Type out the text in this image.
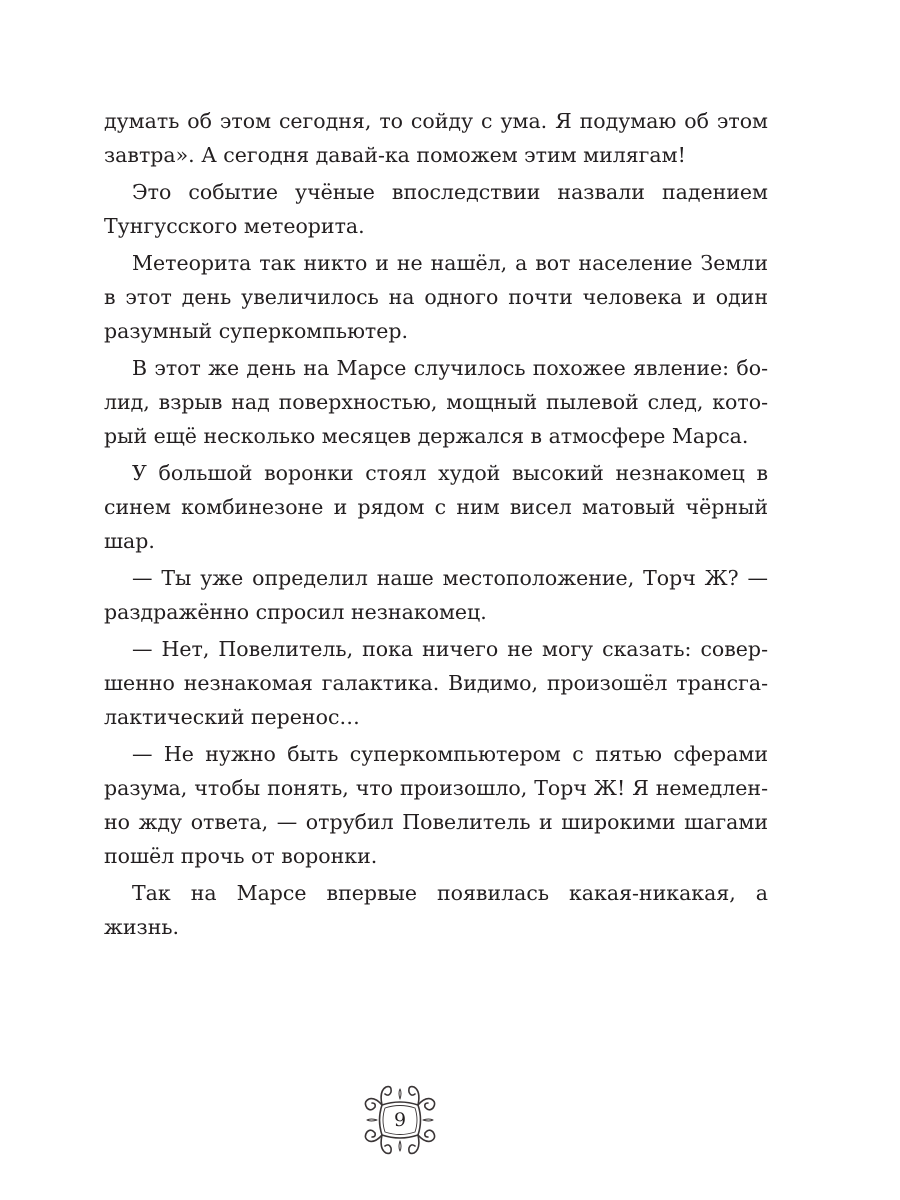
думать об этом сегодня, то сойду с ума. Я подумаю об этом завтра». А сегодня давай-ка поможем этим милягам!

Это событие учёные впоследствии назвали падением Тунгусского метеорита.

Метеорита так никто и не нашёл, а вот население Земли в этот день увеличилось на одного почти человека и один разумный суперкомпьютер.

В этот же день на Марсе случилось похожее явление: болид, взрыв над поверхностью, мощный пылевой след, который ещё несколько месяцев держался в атмосфере Марса.

У большой воронки стоял худой высокий незнакомец в синем комбинезоне и рядом с ним висел матовый чёрный шар.

— Ты уже определил наше местоположение, Торч Ж? — раздражённо спросил незнакомец.

— Нет, Повелитель, пока ничего не могу сказать: совершенно незнакомая галактика. Видимо, произошёл трансгалактический перенос…

— Не нужно быть суперкомпьютером с пятью сферами разума, чтобы понять, что произошло, Торч Ж! Я немедленно жду ответа, — отрубил Повелитель и широкими шагами пошёл прочь от воронки.

Так на Марсе впервые появилась какая-никакая, а жизнь.

9
